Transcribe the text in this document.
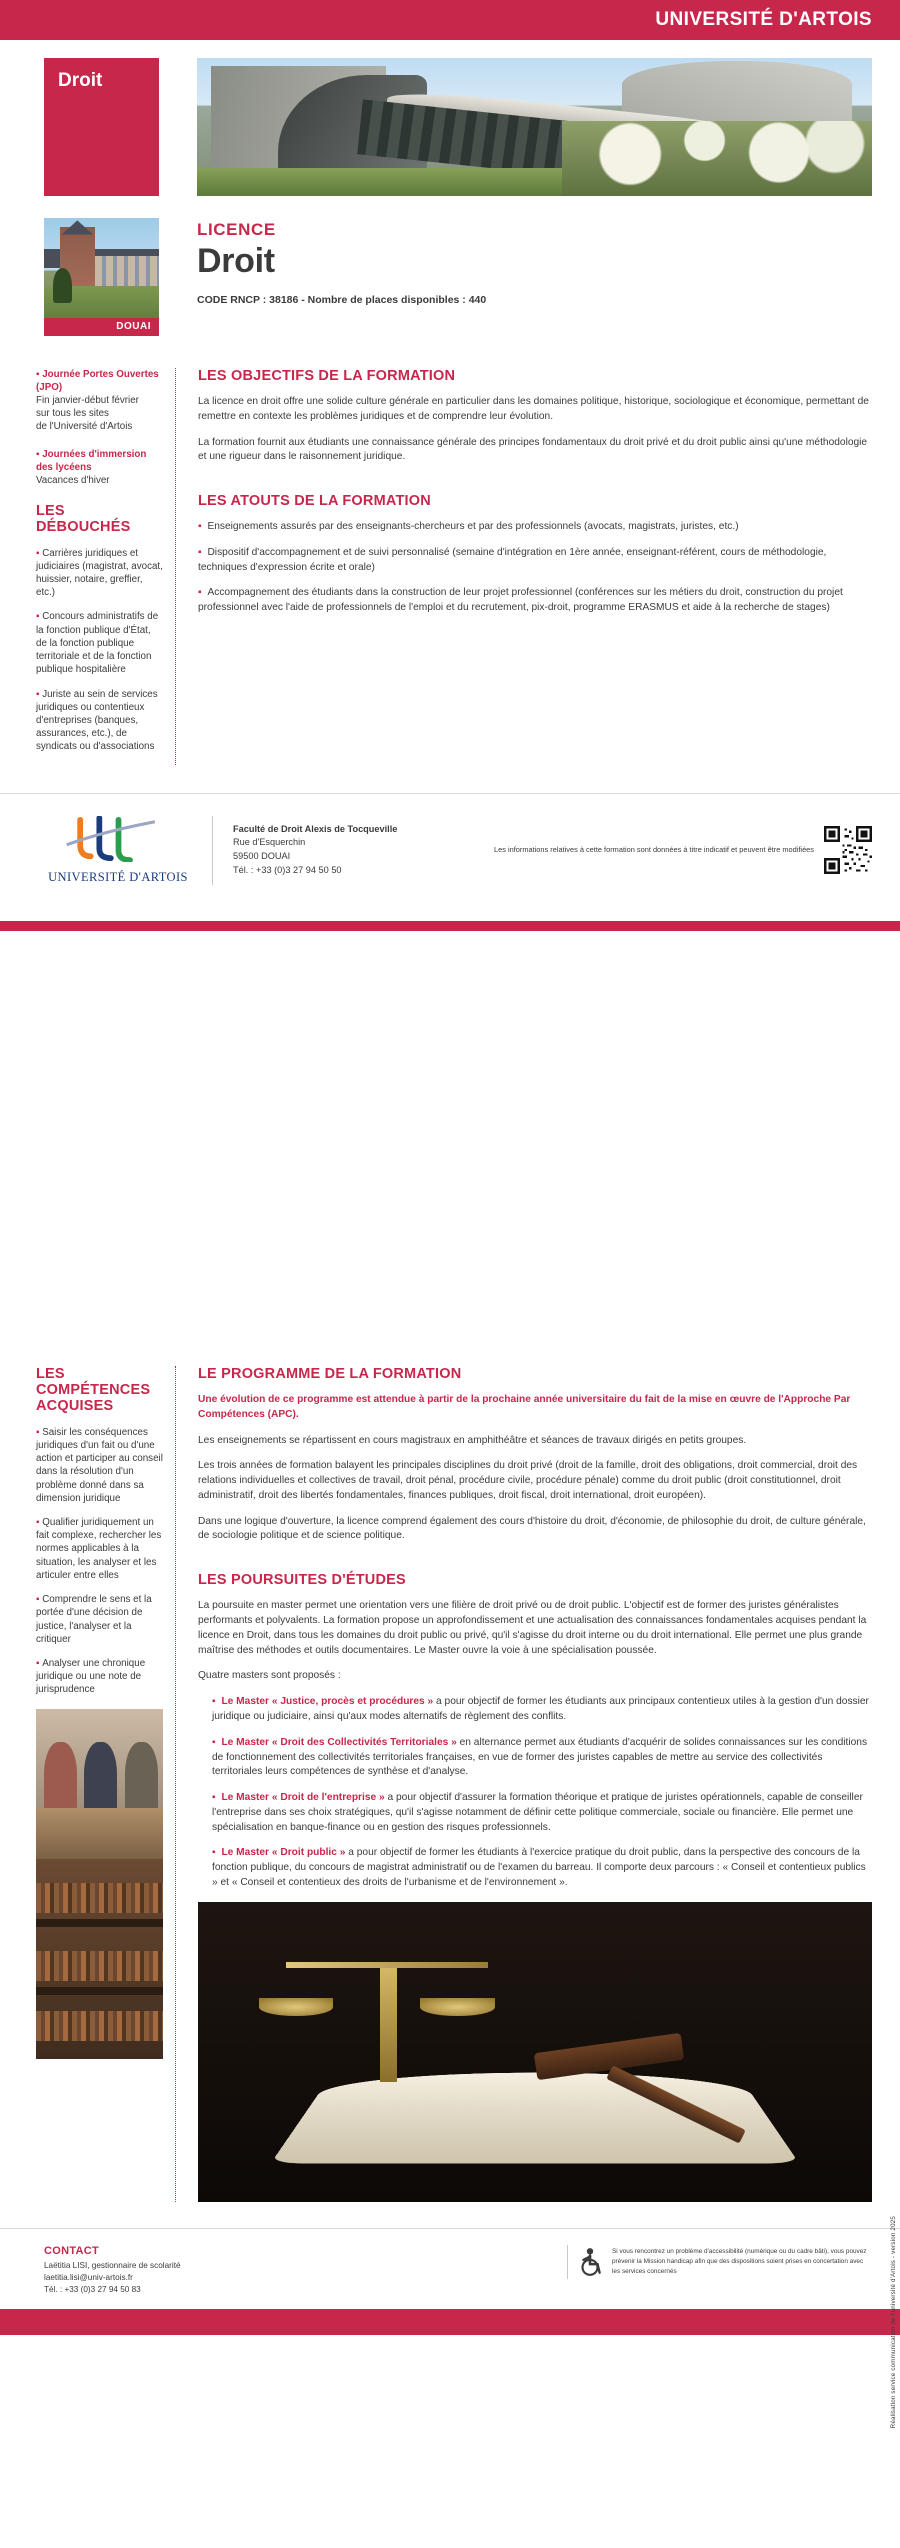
UNIVERSITÉ D'ARTOIS
Droit
DOUAI
LICENCE
Droit
CODE RNCP : 38186 - Nombre de places disponibles : 440
▪ Journée Portes Ouvertes (JPO)
Fin janvier-début février
sur tous les sites
de l'Université d'Artois
▪ Journées d'immersion des lycéens
Vacances d'hiver
LES DÉBOUCHÉS
▪ Carrières juridiques et judiciaires (magistrat, avocat, huissier, notaire, greffier, etc.)
▪ Concours administratifs de la fonction publique d'État, de la fonction publique territoriale et de la fonction publique hospitalière
▪ Juriste au sein de services juridiques ou contentieux d'entreprises (banques, assurances, etc.), de syndicats ou d'associations
LES OBJECTIFS DE LA FORMATION
La licence en droit offre une solide culture générale en particulier dans les domaines politique, historique, sociologique et économique, permettant de remettre en contexte les problèmes juridiques et de comprendre leur évolution.
La formation fournit aux étudiants une connaissance générale des principes fondamentaux du droit privé et du droit public ainsi qu'une méthodologie et une rigueur dans le raisonnement juridique.
LES ATOUTS DE LA FORMATION
▪ Enseignements assurés par des enseignants-chercheurs et par des professionnels (avocats, magistrats, juristes, etc.)
▪ Dispositif d'accompagnement et de suivi personnalisé (semaine d'intégration en 1ère année, enseignant-référent, cours de méthodologie, techniques d'expression écrite et orale)
▪ Accompagnement des étudiants dans la construction de leur projet professionnel (conférences sur les métiers du droit, construction du projet professionnel avec l'aide de professionnels de l'emploi et du recrutement, pix-droit, programme ERASMUS et aide à la recherche de stages)
UNIVERSITÉ D'ARTOIS
Faculté de Droit Alexis de Tocqueville
Rue d'Esquerchin
59500 DOUAI
Tél. : +33 (0)3 27 94 50 50
Les informations relatives à cette formation sont données à titre indicatif et peuvent être modifiées
LES COMPÉTENCES ACQUISES
▪ Saisir les conséquences juridiques d'un fait ou d'une action et participer au conseil dans la résolution d'un problème donné dans sa dimension juridique
▪ Qualifier juridiquement un fait complexe, rechercher les normes applicables à la situation, les analyser et les articuler entre elles
▪ Comprendre le sens et la portée d'une décision de justice, l'analyser et la critiquer
▪ Analyser une chronique juridique ou une note de jurisprudence
LE PROGRAMME DE LA FORMATION
Une évolution de ce programme est attendue à partir de la prochaine année universitaire du fait de la mise en œuvre de l'Approche Par Compétences (APC).
Les enseignements se répartissent en cours magistraux en amphithéâtre et séances de travaux dirigés en petits groupes.
Les trois années de formation balayent les principales disciplines du droit privé (droit de la famille, droit des obligations, droit commercial, droit des relations individuelles et collectives de travail, droit pénal, procédure civile, procédure pénale) comme du droit public (droit constitutionnel, droit administratif, droit des libertés fondamentales, finances publiques, droit fiscal, droit international, droit européen).
Dans une logique d'ouverture, la licence comprend également des cours d'histoire du droit, d'économie, de philosophie du droit, de culture générale, de sociologie politique et de science politique.
LES POURSUITES D'ÉTUDES
La poursuite en master permet une orientation vers une filière de droit privé ou de droit public. L'objectif est de former des juristes généralistes performants et polyvalents. La formation propose un approfondissement et une actualisation des connaissances fondamentales acquises pendant la licence en Droit, dans tous les domaines du droit public ou privé, qu'il s'agisse du droit interne ou du droit international. Elle permet une plus grande maîtrise des méthodes et outils documentaires. Le Master ouvre la voie à une spécialisation poussée.
Quatre masters sont proposés :
▪ Le Master « Justice, procès et procédures » a pour objectif de former les étudiants aux principaux contentieux utiles à la gestion d'un dossier juridique ou judiciaire, ainsi qu'aux modes alternatifs de règlement des conflits.
▪ Le Master « Droit des Collectivités Territoriales » en alternance permet aux étudiants d'acquérir de solides connaissances sur les conditions de fonctionnement des collectivités territoriales françaises, en vue de former des juristes capables de mettre au service des collectivités territoriales leurs compétences de synthèse et d'analyse.
▪ Le Master « Droit de l'entreprise » a pour objectif d'assurer la formation théorique et pratique de juristes opérationnels, capable de conseiller l'entreprise dans ses choix stratégiques, qu'il s'agisse notamment de définir cette politique commerciale, sociale ou financière. Elle permet une spécialisation en banque-finance ou en gestion des risques professionnels.
▪ Le Master « Droit public » a pour objectif de former les étudiants à l'exercice pratique du droit public, dans la perspective des concours de la fonction publique, du concours de magistrat administratif ou de l'examen du barreau. Il comporte deux parcours : « Conseil et contentieux publics » et « Conseil et contentieux des droits de l'urbanisme et de l'environnement ».
Réalisation service communication de l'université d'Artois - version 2025
CONTACT
Laëtitia LISI, gestionnaire de scolarité
laetitia.lisi@univ-artois.fr
Tél. : +33 (0)3 27 94 50 83
Si vous rencontrez un problème d'accessibilité (numérique ou du cadre bâti), vous pouvez prévenir la Mission handicap afin que des dispositions soient prises en concertation avec les services concernés
